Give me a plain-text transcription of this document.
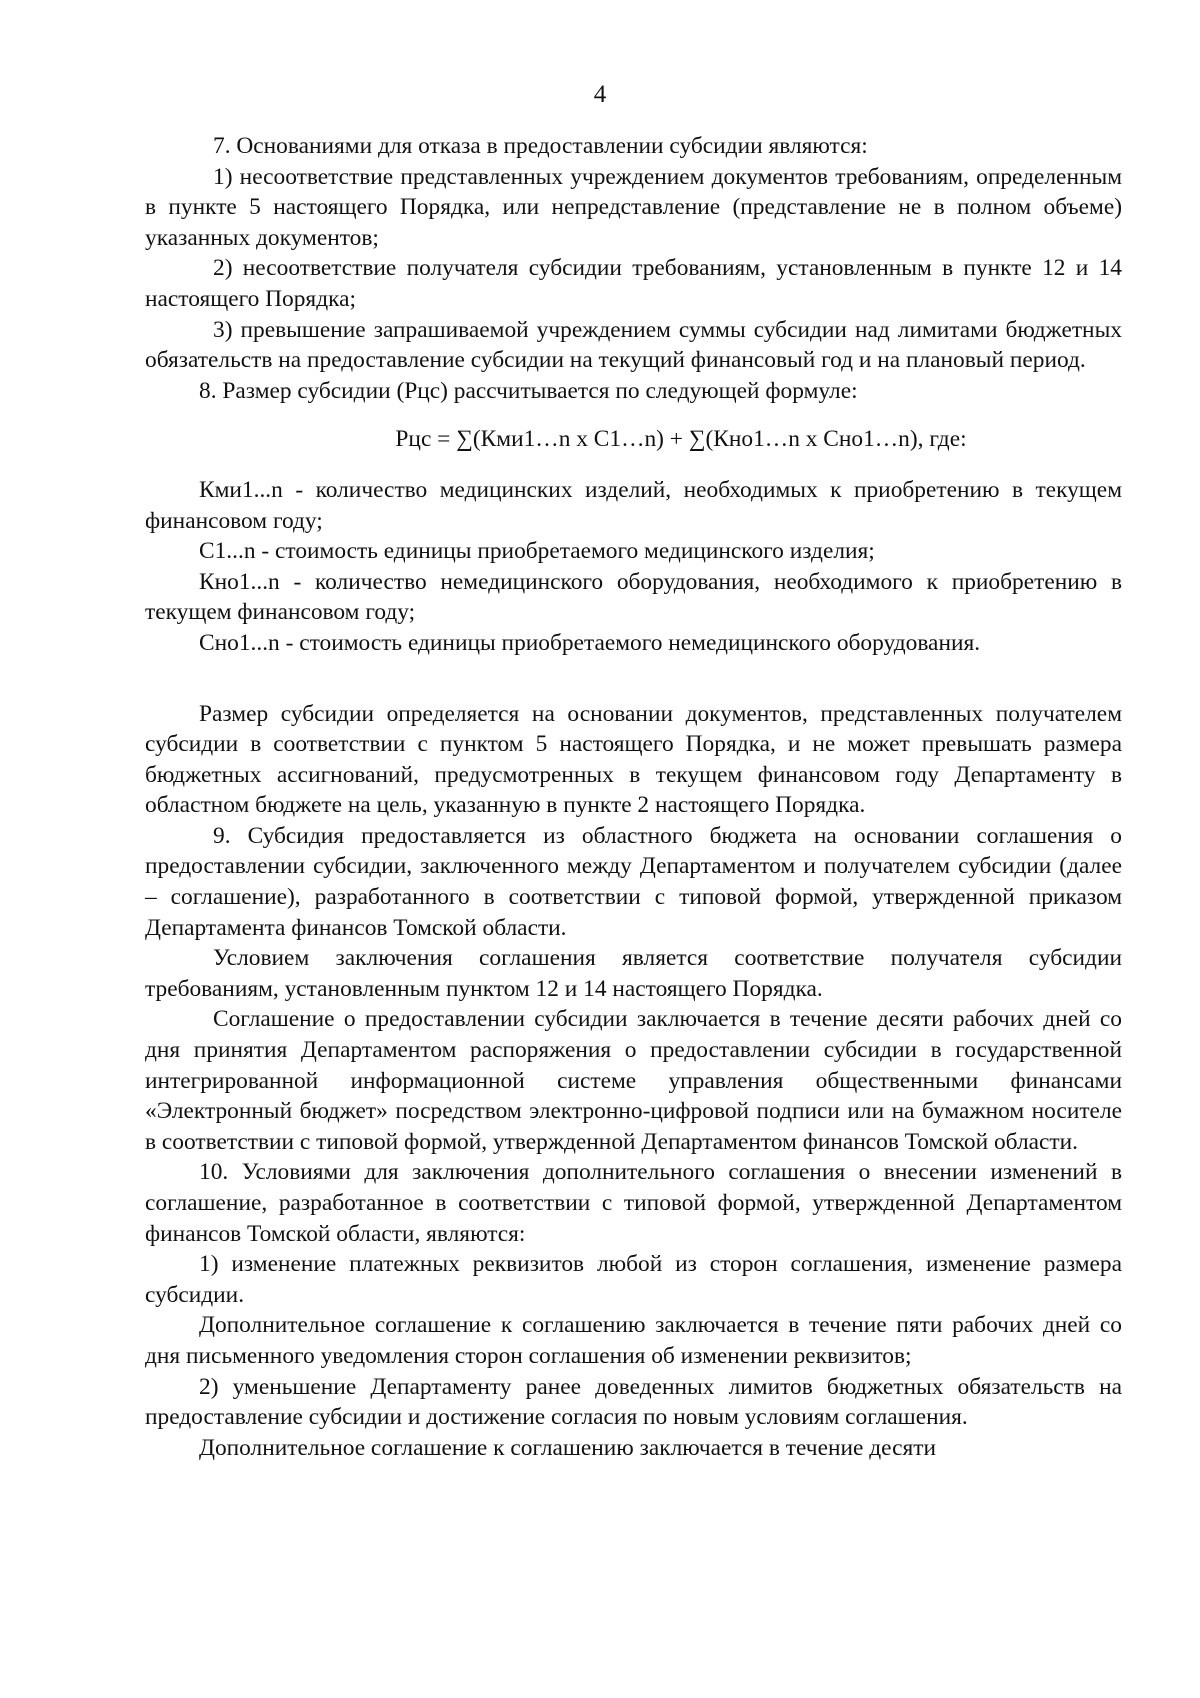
4

7. Основаниями для отказа в предоставлении субсидии являются:

1) несоответствие представленных учреждением документов требованиям, определенным в пункте 5 настоящего Порядка, или непредставление (представление не в полном объеме) указанных документов;

2) несоответствие получателя субсидии требованиям, установленным в пункте 12 и 14 настоящего Порядка;

3) превышение запрашиваемой учреждением суммы субсидии над лимитами бюджетных обязательств на предоставление субсидии на текущий финансовый год и на плановый период.

8. Размер субсидии (Рцс) рассчитывается по следующей формуле:

Рцс = ∑(Кми1…n х С1…n) + ∑(Кно1…n х Сно1…n), где:

Кми1...n - количество медицинских изделий, необходимых к приобретению в текущем финансовом году;

С1...n - стоимость единицы приобретаемого медицинского изделия;

Кно1...n - количество немедицинского оборудования, необходимого к приобретению в текущем финансовом году;

Сно1...n - стоимость единицы приобретаемого немедицинского оборудования.

Размер субсидии определяется на основании документов, представленных получателем субсидии в соответствии с пунктом 5 настоящего Порядка, и не может превышать размера бюджетных ассигнований, предусмотренных в текущем финансовом году Департаменту в областном бюджете на цель, указанную в пункте 2 настоящего Порядка.

9. Субсидия предоставляется из областного бюджета на основании соглашения о предоставлении субсидии, заключенного между Департаментом и получателем субсидии (далее – соглашение), разработанного в соответствии с типовой формой, утвержденной приказом Департамента финансов Томской области.

Условием заключения соглашения является соответствие получателя субсидии требованиям, установленным пунктом 12 и 14 настоящего Порядка.

Соглашение о предоставлении субсидии заключается в течение десяти рабочих дней со дня принятия Департаментом распоряжения о предоставлении субсидии в государственной интегрированной информационной системе управления общественными финансами «Электронный бюджет» посредством электронно-цифровой подписи или на бумажном носителе в соответствии с типовой формой, утвержденной Департаментом финансов Томской области.

10. Условиями для заключения дополнительного соглашения о внесении изменений в соглашение, разработанное в соответствии с типовой формой, утвержденной Департаментом финансов Томской области, являются:

1) изменение платежных реквизитов любой из сторон соглашения, изменение размера субсидии.

Дополнительное соглашение к соглашению заключается в течение пяти рабочих дней со дня письменного уведомления сторон соглашения об изменении реквизитов;

2) уменьшение Департаменту ранее доведенных лимитов бюджетных обязательств на предоставление субсидии и достижение согласия по новым условиям соглашения.

Дополнительное соглашение к соглашению заключается в течение десяти
